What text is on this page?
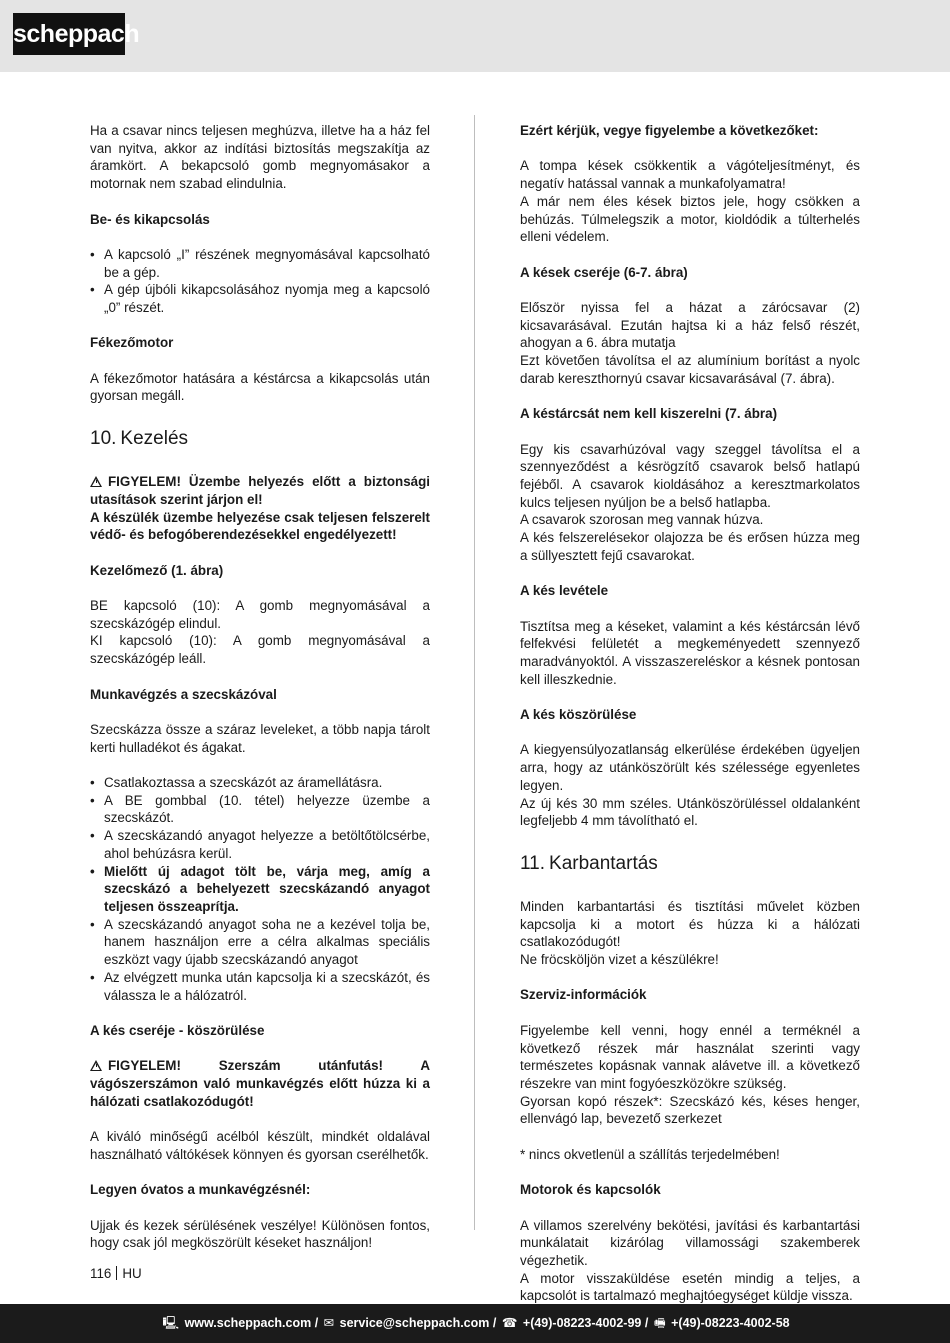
scheppach

Ha a csavar nincs teljesen meghúzva, illetve ha a ház fel van nyitva, akkor az indítási biztosítás megszakítja az áramkört. A bekapcsoló gomb megnyomásakor a motornak nem szabad elindulnia.

Be- és kikapcsolás

• A kapcsoló „I” részének megnyomásával kapcsolható be a gép.
• A gép újbóli kikapcsolásához nyomja meg a kapcsoló „0” részét.

Fékezőmotor

A fékezőmotor hatására a késtárcsa a kikapcsolás után gyorsan megáll.

10. Kezelés

FIGYELEM! Üzembe helyezés előtt a biztonsági utasítások szerint járjon el!

A készülék üzembe helyezése csak teljesen felszerelt védő- és befogóberendezésekkel engedélyezett!

Kezelőmező (1. ábra)

BE kapcsoló (10): A gomb megnyomásával a szecskázógép elindul.

KI kapcsoló (10): A gomb megnyomásával a szecskázógép leáll.

Munkavégzés a szecskázóval

Szecskázza össze a száraz leveleket, a több napja tárolt kerti hulladékot és ágakat.

• Csatlakoztassa a szecskázót az áramellátásra.
• A BE gombbal (10. tétel) helyezze üzembe a szecskázót.
• A szecskázandó anyagot helyezze a betöltőtölcsérbe, ahol behúzásra kerül.
• Mielőtt új adagot tölt be, várja meg, amíg a szecskázó a behelyezett szecskázandó anyagot teljesen összeaprítja.
• A szecskázandó anyagot soha ne a kezével tolja be, hanem használjon erre a célra alkalmas speciális eszközt vagy újabb szecskázandó anyagot
• Az elvégzett munka után kapcsolja ki a szecskázót, és válassza le a hálózatról.

A kés cseréje - köszörülése

FIGYELEM! Szerszám utánfutás! A vágószerszámon való munkavégzés előtt húzza ki a hálózati csatlakozódugót!

A kiváló minőségű acélból készült, mindkét oldalával használható váltókések könnyen és gyorsan cserélhetők.

Legyen óvatos a munkavégzésnél:

Ujjak és kezek sérülésének veszélye! Különösen fontos, hogy csak jól megköszörült késeket használjon!

Ezért kérjük, vegye figyelembe a következőket:

A tompa kések csökkentik a vágóteljesítményt, és negatív hatással vannak a munkafolyamatra!

A már nem éles kések biztos jele, hogy csökken a behúzás. Túlmelegszik a motor, kioldódik a túlterhelés elleni védelem.

A kések cseréje (6-7. ábra)

Először nyissa fel a házat a zárócsavar (2) kicsavarásával. Ezután hajtsa ki a ház felső részét, ahogyan a 6. ábra mutatja

Ezt követően távolítsa el az alumínium borítást a nyolc darab kereszthornyú csavar kicsavarásával (7. ábra).

A késtárcsát nem kell kiszerelni (7. ábra)

Egy kis csavarhúzóval vagy szeggel távolítsa el a szennyeződést a késrögzítő csavarok belső hatlapú fejéből. A csavarok kioldásához a keresztmarkolatos kulcs teljesen nyúljon be a belső hatlapba.

A csavarok szorosan meg vannak húzva.

A kés felszerelésekor olajozza be és erősen húzza meg a süllyesztett fejű csavarokat.

A kés levétele

Tisztítsa meg a késeket, valamint a kés késtárcsán lévő felfekvési felületét a megkeményedett szennyező maradványoktól. A visszaszereléskor a késnek pontosan kell illeszkednie.

A kés köszörülése

A kiegyensúlyozatlanság elkerülése érdekében ügyeljen arra, hogy az utánköszörült kés szélessége egyenletes legyen.

Az új kés 30 mm széles. Utánköszörüléssel oldalanként legfeljebb 4 mm távolítható el.

11. Karbantartás

Minden karbantartási és tisztítási művelet közben kapcsolja ki a motort és húzza ki a hálózati csatlakozódugót!

Ne fröcsköljön vizet a készülékre!

Szerviz-információk

Figyelembe kell venni, hogy ennél a terméknél a következő részek már használat szerinti vagy természetes kopásnak vannak alávetve ill. a következő részekre van mint fogyóeszközökre szükség.

Gyorsan kopó részek*: Szecskázó kés, késes henger, ellenvágó lap, bevezető szerkezet

* nincs okvetlenül a szállítás terjedelmében!

Motorok és kapcsolók

A villamos szerelvény bekötési, javítási és karbantartási munkálatait kizárólag villamossági szakemberek végezhetik.

A motor visszaküldése esetén mindig a teljes, a kapcsolót is tartalmazó meghajtóegységet küldje vissza.

116 HU
🖳︎ www.scheppach.com / ✉︎ service@scheppach.com / ☎︎ +(49)-08223-4002-99 / 🖷︎ +(49)-08223-4002-58
